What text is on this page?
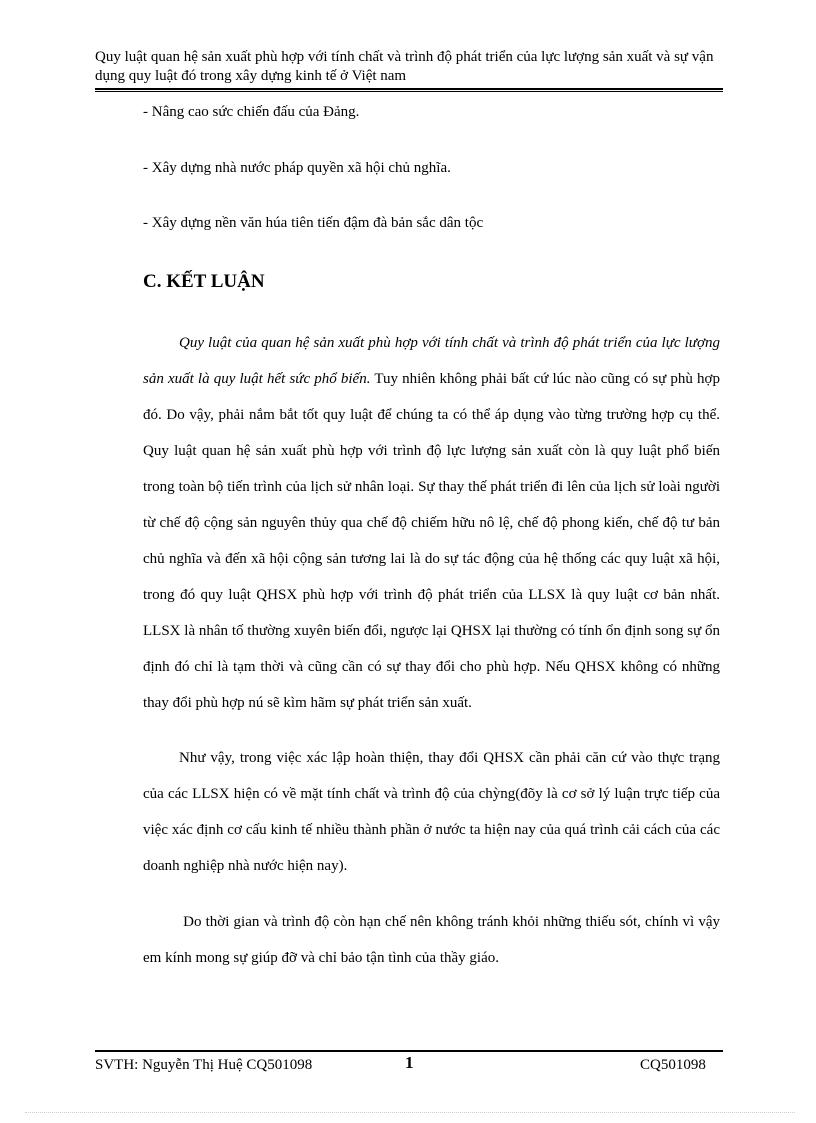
Quy luật quan hệ sản xuất phù hợp với tính chất và trình độ phát triển của lực lượng sản xuất và sự vận dụng quy luật đó trong xây dựng kinh tế ở Việt nam
- Nâng cao sức chiến đấu của Đảng.
- Xây dựng nhà nước pháp quyền xã hội chủ nghĩa.
- Xây dựng nền văn húa tiên tiến đậm đà bản sắc dân tộc
C. KẾT LUẬN
Quy luật của quan hệ sản xuất phù hợp với tính chất và trình độ phát triển của lực lượng sản xuất là quy luật hết sức phổ biến. Tuy nhiên không phải bất cứ lúc nào cũng có sự phù hợp đó. Do vậy, phải nắm bắt tốt quy luật để chúng ta có thể áp dụng vào từng trường hợp cụ thể. Quy luật quan hệ sản xuất phù hợp với trình độ lực lượng sản xuất còn là quy luật phổ biến trong toàn bộ tiến trình của lịch sử nhân loại. Sự thay thế phát triển đi lên của lịch sử loài người từ chế độ cộng sản nguyên thủy qua chế độ chiếm hữu nô lệ, chế độ phong kiến, chế độ tư bản chủ nghĩa và đến xã hội cộng sản tương lai là do sự tác động của hệ thống các quy luật xã hội, trong đó quy luật QHSX phù hợp với trình độ phát triển của LLSX là quy luật cơ bản nhất. LLSX là nhân tố thường xuyên biến đổi, ngược lại QHSX lại thường có tính ổn định song sự ổn định đó chỉ là tạm thời và cũng cần có sự thay đổi cho phù hợp. Nếu QHSX không có những thay đổi phù hợp nú sẽ kìm hãm sự phát triển sản xuất.
Như vậy, trong việc xác lập hoàn thiện, thay đổi QHSX cần phải căn cứ vào thực trạng của các LLSX hiện có về mặt tính chất và trình độ của chỳng(đõy là cơ sở lý luận trực tiếp của việc xác định cơ cấu kinh tế nhiều thành phần ở nước ta hiện nay của quá trình cải cách của các doanh nghiệp nhà nước hiện nay).
Do thời gian và trình độ còn hạn chế nên không tránh khỏi những thiếu sót, chính vì vậy em kính mong sự giúp đỡ và chỉ bảo tận tình của thầy giáo.
SVTH: Nguyễn Thị Huệ CQ501098	1	CQ501098
